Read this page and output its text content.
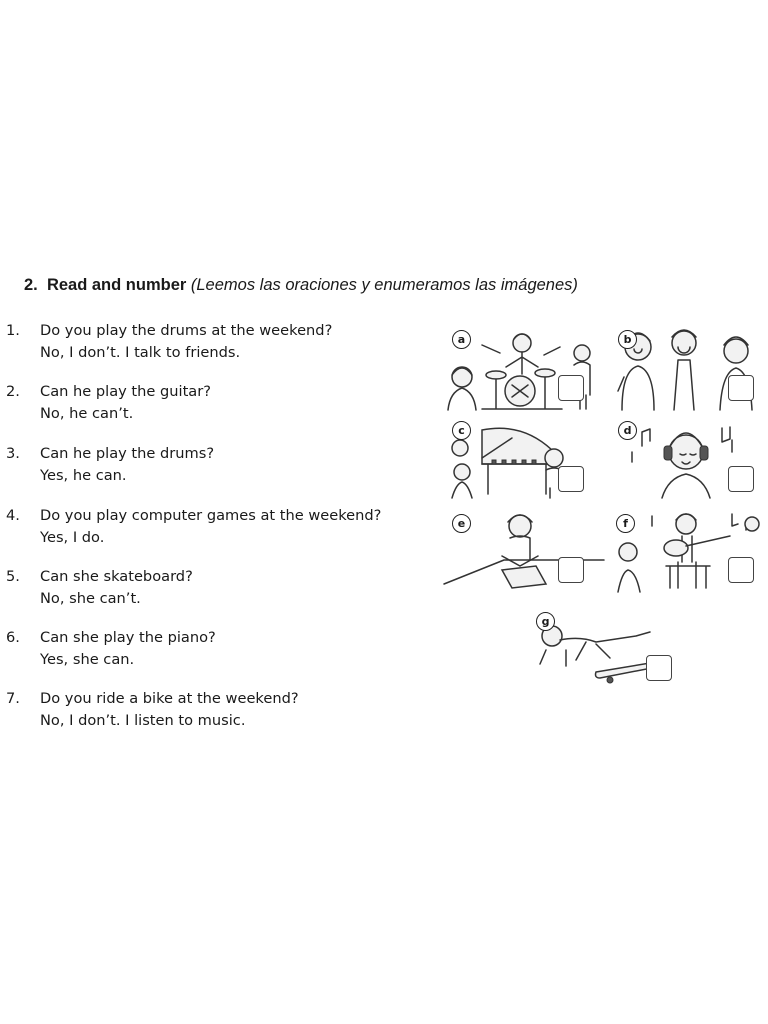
2. Read and number (Leemos las oraciones y enumeramos las imágenes)
1. Do you play the drums at the weekend?
No, I don’t. I talk to friends.
2. Can he play the guitar?
No, he can’t.
3. Can he play the drums?
Yes, he can.
4. Do you play computer games at the weekend?
Yes, I do.
5. Can she skateboard?
No, she can’t.
6. Can she play the piano?
Yes, she can.
7. Do you ride a bike at the weekend?
No, I don’t. I listen to music.
a	b
c	d
e	f
g
